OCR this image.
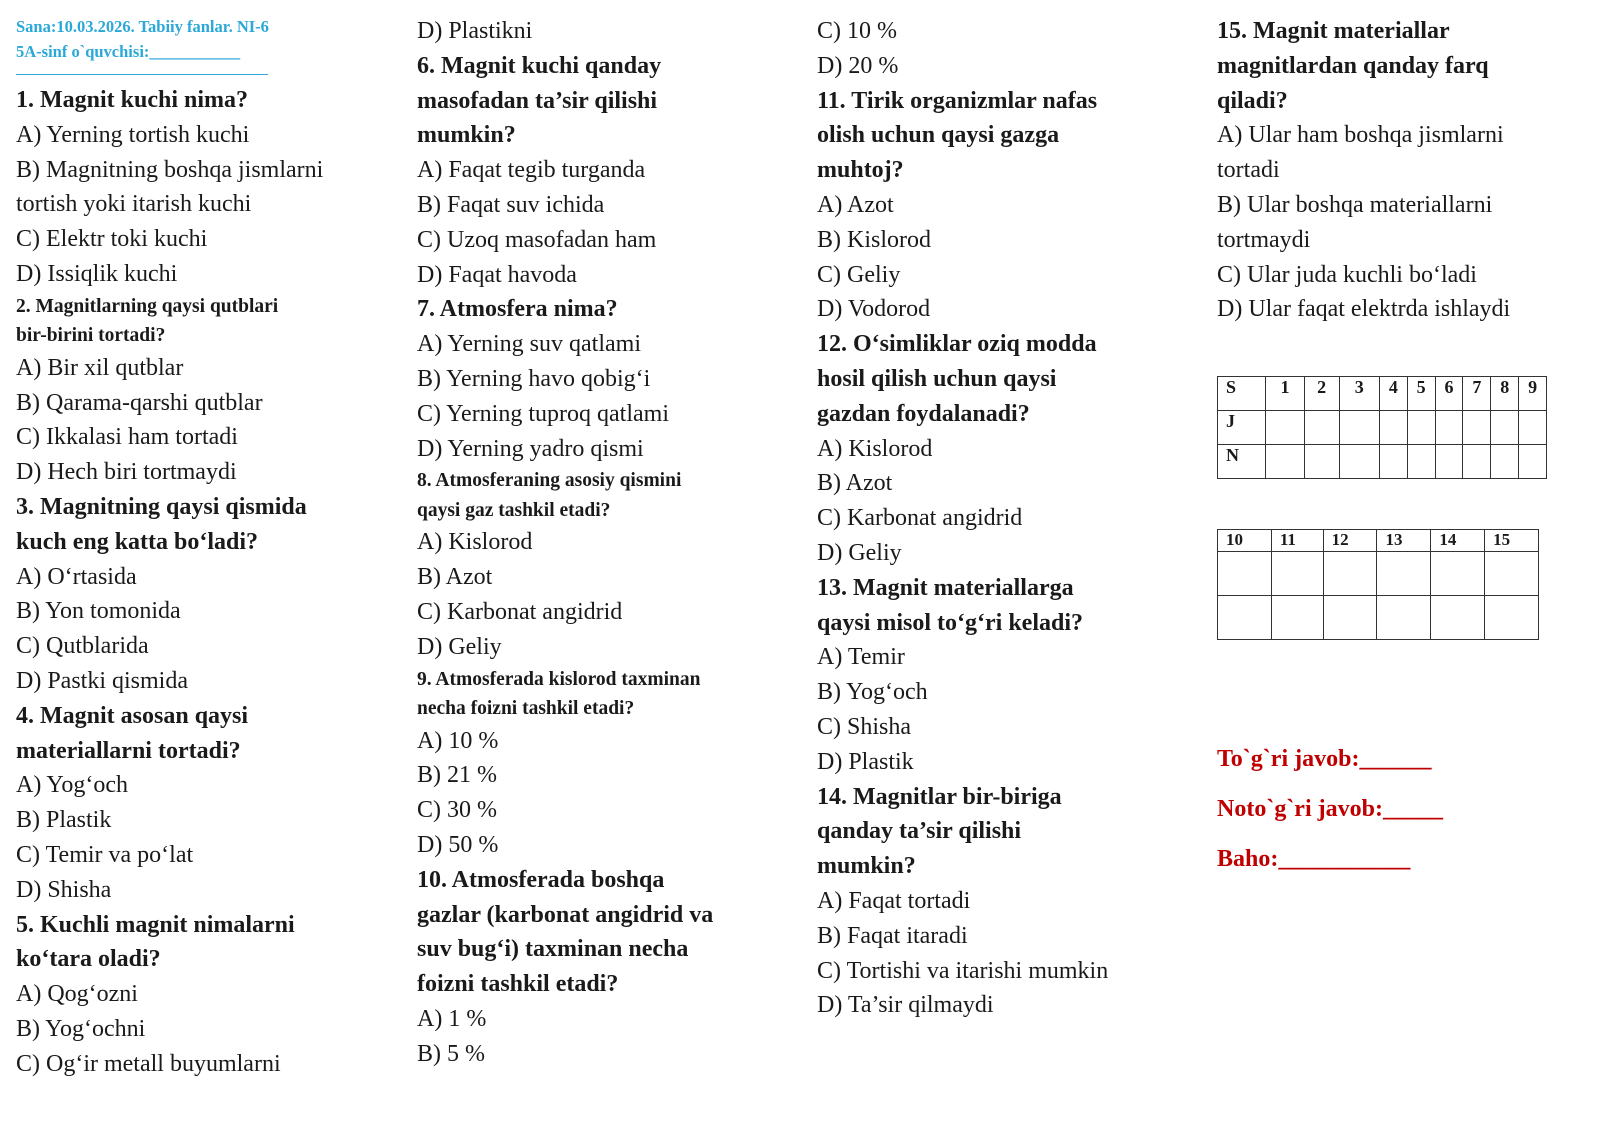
Sana:10.03.2026. Tabiiy fanlar. NI-6
5A-sinf o`quvchisi:___________
1. Magnit kuchi nima?
A) Yerning tortish kuchi
B) Magnitning boshqa jismlarni
tortish yoki itarish kuchi
C) Elektr toki kuchi
D) Issiqlik kuchi
2. Magnitlarning qaysi qutblari
bir-birini tortadi?
A) Bir xil qutblar
B) Qarama-qarshi qutblar
C) Ikkalasi ham tortadi
D) Hech biri tortmaydi
3. Magnitning qaysi qismida
kuch eng katta bo‘ladi?
A) O‘rtasida
B) Yon tomonida
C) Qutblarida
D) Pastki qismida
4. Magnit asosan qaysi
materiallarni tortadi?
A) Yog‘och
B) Plastik
C) Temir va po‘lat
D) Shisha
5. Kuchli magnit nimalarni
ko‘tara oladi?
A) Qog‘ozni
B) Yog‘ochni
C) Og‘ir metall buyumlarni
D) Plastikni
6. Magnit kuchi qanday
masofadan ta’sir qilishi
mumkin?
A) Faqat tegib turganda
B) Faqat suv ichida
C) Uzoq masofadan ham
D) Faqat havoda
7. Atmosfera nima?
A) Yerning suv qatlami
B) Yerning havo qobig‘i
C) Yerning tuproq qatlami
D) Yerning yadro qismi
8. Atmosferaning asosiy qismini
qaysi gaz tashkil etadi?
A) Kislorod
B) Azot
C) Karbonat angidrid
D) Geliy
9. Atmosferada kislorod taxminan
necha foizni tashkil etadi?
A) 10 %
B) 21 %
C) 30 %
D) 50 %
10. Atmosferada boshqa
gazlar (karbonat angidrid va
suv bug‘i) taxminan necha
foizni tashkil etadi?
A) 1 %
B) 5 %
C) 10 %
D) 20 %
11. Tirik organizmlar nafas
olish uchun qaysi gazga
muhtoj?
A) Azot
B) Kislorod
C) Geliy
D) Vodorod
12. O‘simliklar oziq modda
hosil qilish uchun qaysi
gazdan foydalanadi?
A) Kislorod
B) Azot
C) Karbonat angidrid
D) Geliy
13. Magnit materiallarga
qaysi misol to‘g‘ri keladi?
A) Temir
B) Yog‘och
C) Shisha
D) Plastik
14. Magnitlar bir-biriga
qanday ta’sir qilishi
mumkin?
A) Faqat tortadi
B) Faqat itaradi
C) Tortishi va itarishi mumkin
D) Ta’sir qilmaydi
15. Magnit materiallar
magnitlardan qanday farq
qiladi?
A) Ular ham boshqa jismlarni
tortadi
B) Ular boshqa materiallarni
tortmaydi
C) Ular juda kuchli bo‘ladi
D) Ular faqat elektrda ishlaydi
S	1	2	3	4	5	6	7	8	9
J									
N									
10	11	12	13	14	15

To`g`ri javob:______
Noto`g`ri javob:_____
Baho:___________
